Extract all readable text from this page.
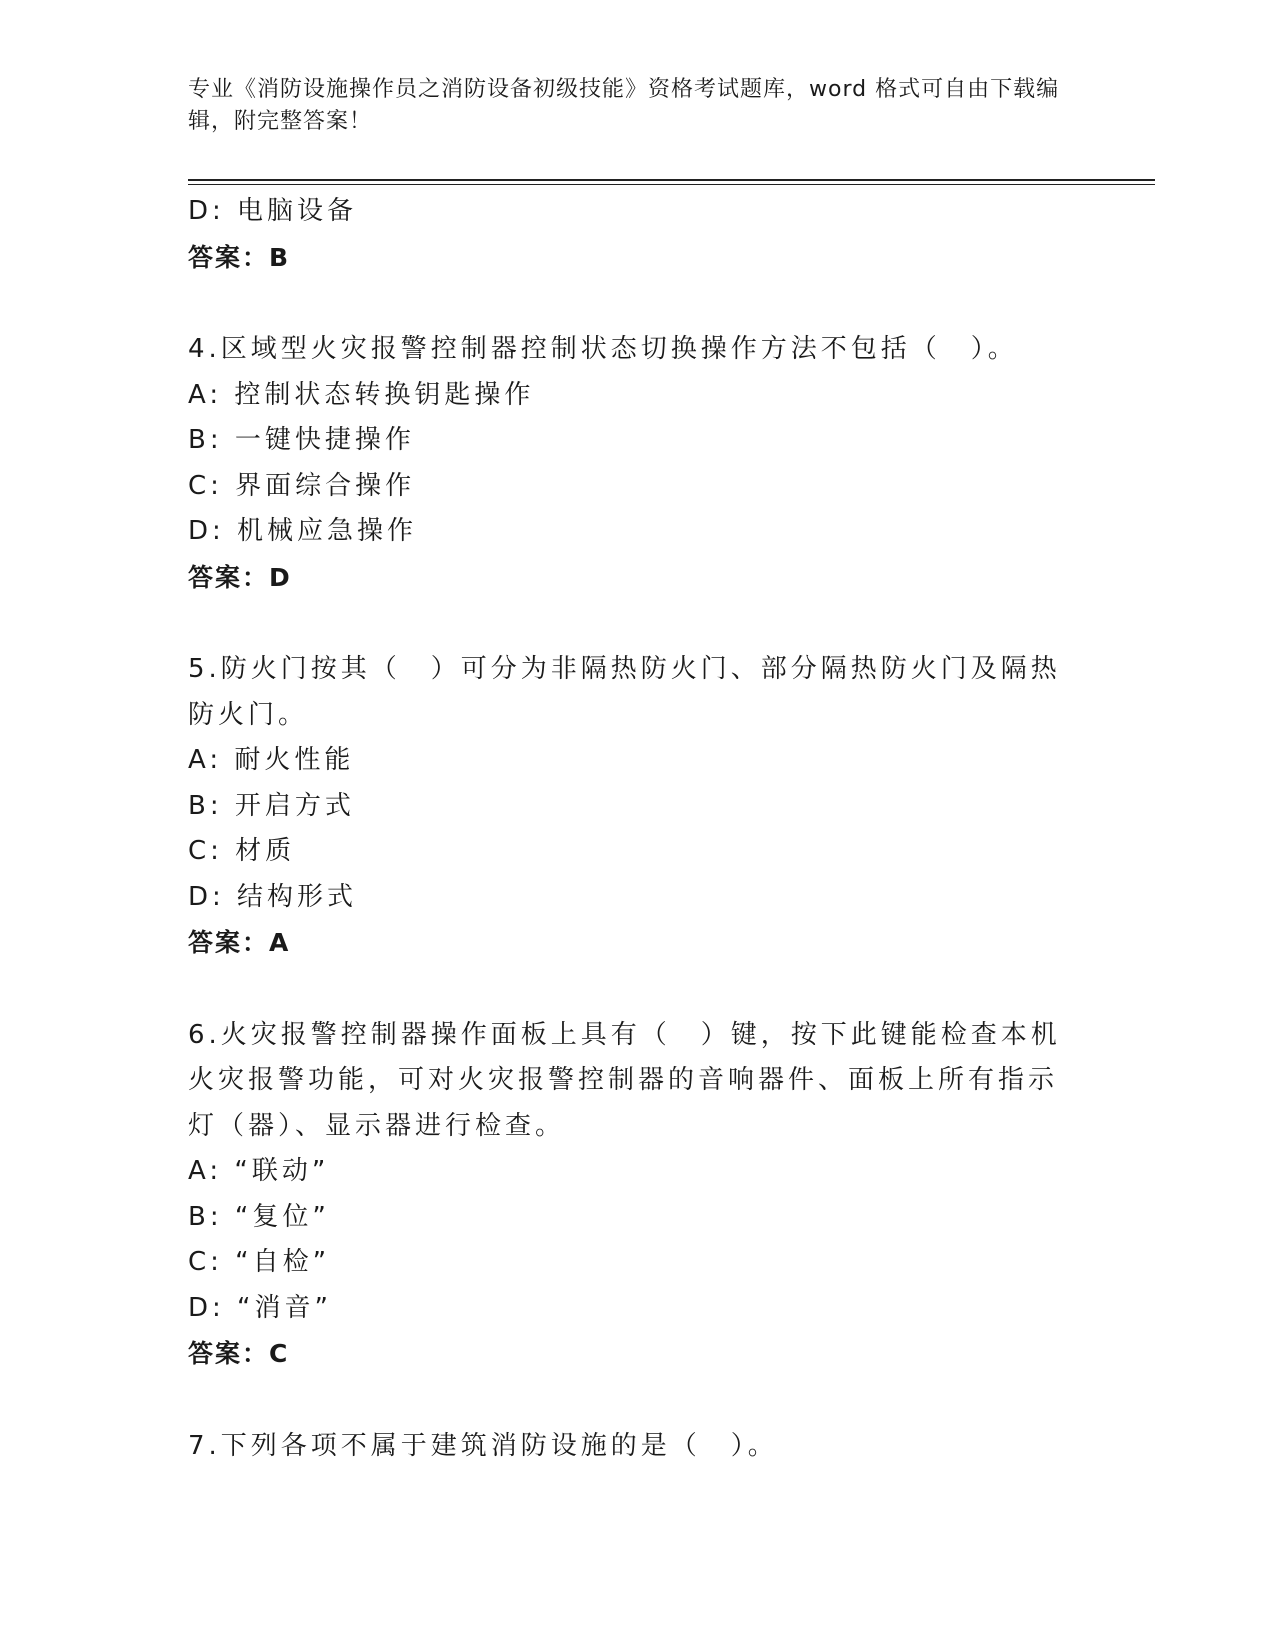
专业《消防设施操作员之消防设备初级技能》资格考试题库，word 格式可自由下载编辑，附完整答案！
D: 电脑设备
答案：B
4.区域型火灾报警控制器控制状态切换操作方法不包括（　）。
A: 控制状态转换钥匙操作
B: 一键快捷操作
C: 界面综合操作
D: 机械应急操作
答案：D
5.防火门按其（　）可分为非隔热防火门、部分隔热防火门及隔热防火门。
A: 耐火性能
B: 开启方式
C: 材质
D: 结构形式
答案：A
6.火灾报警控制器操作面板上具有（　）键，按下此键能检查本机火灾报警功能，可对火灾报警控制器的音响器件、面板上所有指示灯（器）、显示器进行检查。
A: “联动”
B: “复位”
C: “自检”
D: “消音”
答案：C
7.下列各项不属于建筑消防设施的是（　）。
